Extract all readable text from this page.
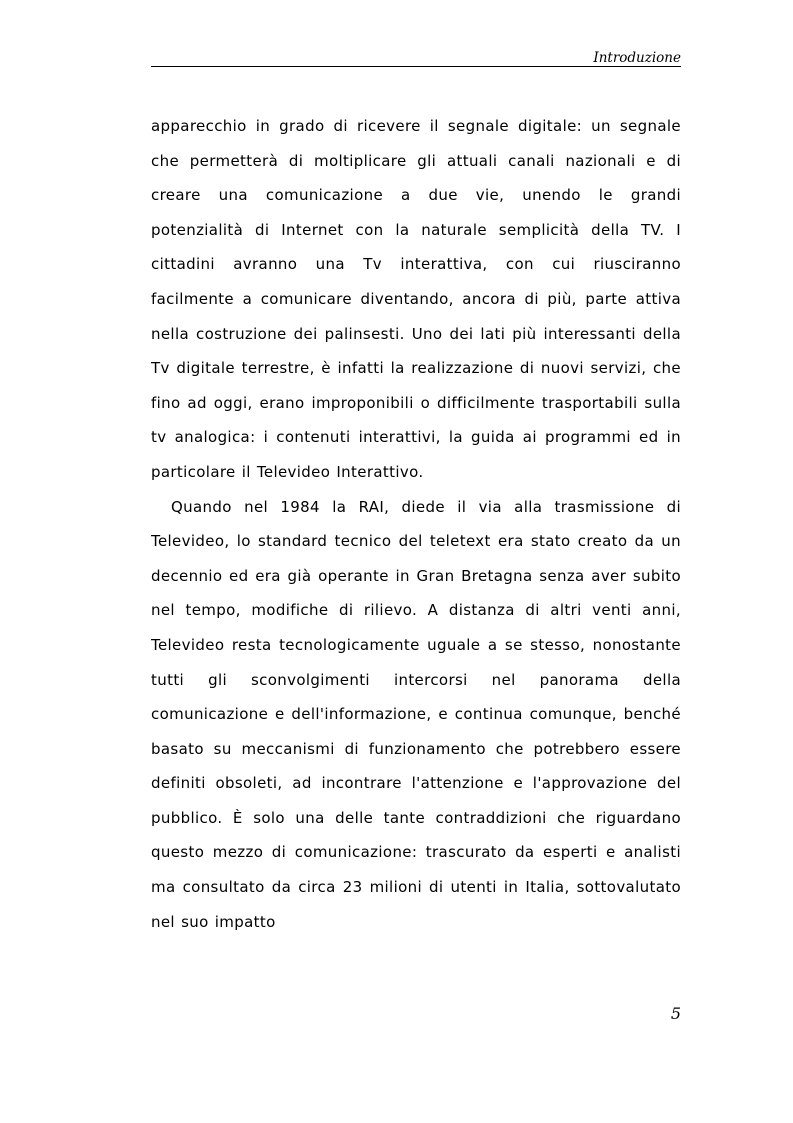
Introduzione

apparecchio in grado di ricevere il segnale digitale: un segnale che permetterà di moltiplicare gli attuali canali nazionali e di creare una comunicazione a due vie, unendo le grandi potenzialità di Internet con la naturale semplicità della TV. I cittadini avranno una Tv interattiva, con cui riusciranno facilmente a comunicare diventando, ancora di più, parte attiva nella costruzione dei palinsesti. Uno dei lati più interessanti della Tv digitale terrestre, è infatti la realizzazione di nuovi servizi, che fino ad oggi, erano improponibili o difficilmente trasportabili sulla tv analogica: i contenuti interattivi, la guida ai programmi ed in particolare il Televideo Interattivo.

Quando nel 1984 la RAI, diede il via alla trasmissione di Televideo, lo standard tecnico del teletext era stato creato da un decennio ed era già operante in Gran Bretagna senza aver subito nel tempo, modifiche di rilievo. A distanza di altri venti anni, Televideo resta tecnologicamente uguale a se stesso, nonostante tutti gli sconvolgimenti intercorsi nel panorama della comunicazione e dell'informazione, e continua comunque, benché basato su meccanismi di funzionamento che potrebbero essere definiti obsoleti, ad incontrare l'attenzione e l'approvazione del pubblico. È solo una delle tante contraddizioni che riguardano questo mezzo di comunicazione: trascurato da esperti e analisti ma consultato da circa 23 milioni di utenti in Italia, sottovalutato nel suo impatto

5
